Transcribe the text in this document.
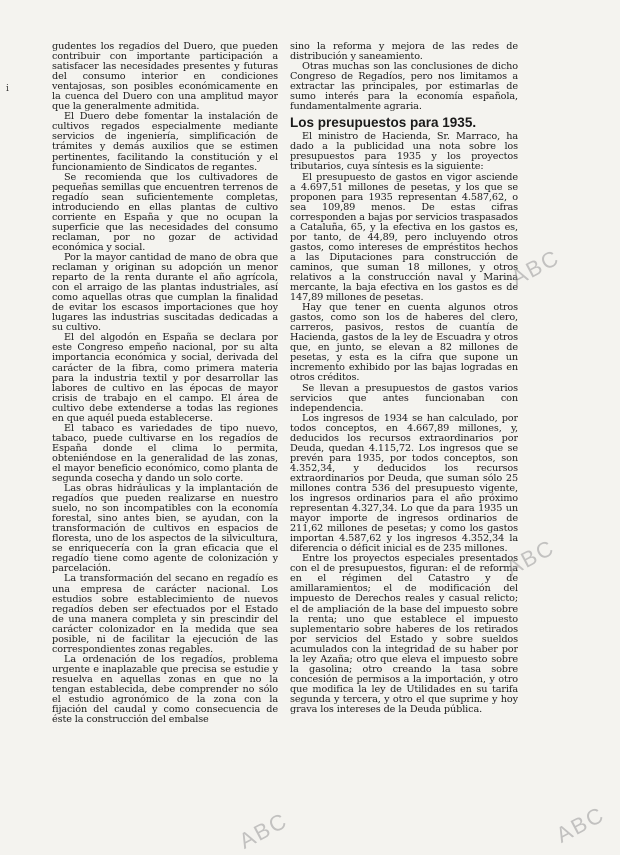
i

gudentes los regadíos del Duero, que pueden contribuir con importante participación a satisfacer las necesidades presentes y futuras del consumo interior en condiciones ventajosas, son posibles económicamente en la cuenca del Duero con una amplitud mayor que la generalmente admitida.

El Duero debe fomentar la instalación de cultivos regados especialmente mediante servicios de ingeniería, simplificación de trámites y demás auxilios que se estimen pertinentes, facilitando la constitución y el funcionamiento de Sindicatos de regantes.

Se recomienda que los cultivadores de pequeñas semillas que encuentren terrenos de regadío sean suficientemente completas, introduciendo en ellas plantas de cultivo corriente en España y que no ocupan la superficie que las necesidades del consumo reclaman, por no gozar de actividad económica y social.

Por la mayor cantidad de mano de obra que reclaman y originan su adopción un menor reparto de la renta durante el año agrícola, con el arraigo de las plantas industriales, así como aquellas otras que cumplan la finalidad de evitar los escasos importaciones que hoy lugares las industrias suscitadas dedicadas a su cultivo.

El del algodón en España se declara por este Congreso empeño nacional, por su alta importancia económica y social, derivada del carácter de la fibra, como primera materia para la industria textil y por desarrollar las labores de cultivo en las épocas de mayor crisis de trabajo en el campo. El área de cultivo debe extenderse a todas las regiones en que aquél pueda establecerse.

El tabaco es variedades de tipo nuevo, tabaco, puede cultivarse en los regadíos de España donde el clima lo permita, obteniéndose en la generalidad de las zonas, el mayor beneficio económico, como planta de segunda cosecha y dando un solo corte.

Las obras hidráulicas y la implantación de regadíos que pueden realizarse en nuestro suelo, no son incompatibles con la economía forestal, sino antes bien, se ayudan, con la transformación de cultivos en espacios de floresta, uno de los aspectos de la silvicultura, se enriquecería con la gran eficacia que el regadío tiene como agente de colonización y parcelación.

La transformación del secano en regadío es una empresa de carácter nacional. Los estudios sobre establecimiento de nuevos regadíos deben ser efectuados por el Estado de una manera completa y sin prescindir del carácter colonizador en la medida que sea posible, ni de facilitar la ejecución de las correspondientes zonas regables.

La ordenación de los regadíos, problema urgente e inaplazable que precisa se estudie y resuelva en aquellas zonas en que no la tengan establecida, debe comprender no sólo el estudio agronómico de la zona con la fijación del caudal y como consecuencia de éste la construcción del embalse

sino la reforma y mejora de las redes de distribución y saneamiento.

Otras muchas son las conclusiones de dicho Congreso de Regadíos, pero nos limitamos a extractar las principales, por estimarlas de sumo interés para la economía española, fundamentalmente agraria.

Los presupuestos para 1935.

El ministro de Hacienda, Sr. Marraco, ha dado a la publicidad una nota sobre los presupuestos para 1935 y los proyectos tributarios, cuya síntesis es la siguiente:

El presupuesto de gastos en vigor asciende a 4.697,51 millones de pesetas, y los que se proponen para 1935 representan 4.587,62, o sea 109,89 menos. De estas cifras corresponden a bajas por servicios traspasados a Cataluña, 65, y la efectiva en los gastos es, por tanto, de 44,89, pero incluyendo otros gastos, como intereses de empréstitos hechos a las Diputaciones para construcción de caminos, que suman 18 millones, y otros relativos a la construcción naval y Marina mercante, la baja efectiva en los gastos es de 147,89 millones de pesetas.

Hay que tener en cuenta algunos otros gastos, como son los de haberes del clero, carreros, pasivos, restos de cuantía de Hacienda, gastos de la ley de Escuadra y otros que, en junto, se elevan a 82 millones de pesetas, y esta es la cifra que supone un incremento exhibido por las bajas logradas en otros créditos.

Se llevan a presupuestos de gastos varios servicios que antes funcionaban con independencia.

Los ingresos de 1934 se han calculado, por todos conceptos, en 4.667,89 millones, y, deducidos los recursos extraordinarios por Deuda, quedan 4.115,72. Los ingresos que se prevén para 1935, por todos conceptos, son 4.352,34, y deducidos los recursos extraordinarios por Deuda, que suman sólo 25 millones contra 536 del presupuesto vigente, los ingresos ordinarios para el año próximo representan 4.327,34. Lo que da para 1935 un mayor importe de ingresos ordinarios de 211,62 millones de pesetas; y como los gastos importan 4.587,62 y los ingresos 4.352,34 la diferencia o déficit inicial es de 235 millones.

Entre los proyectos especiales presentados con el de presupuestos, figuran: el de reforma en el régimen del Catastro y de amillaramientos; el de modificación del impuesto de Derechos reales y casual relicto; el de ampliación de la base del impuesto sobre la renta; uno que establece el impuesto suplementario sobre haberes de los retirados por servicios del Estado y sobre sueldos acumulados con la integridad de su haber por la ley Azaña; otro que eleva el impuesto sobre la gasolina; otro creando la tasa sobre concesión de permisos a la importación, y otro que modifica la ley de Utilidades en su tarifa segunda y tercera, y otro el que suprime y hoy grava los intereses de la Deuda pública.

ABC
ABC
ABC	ABC
